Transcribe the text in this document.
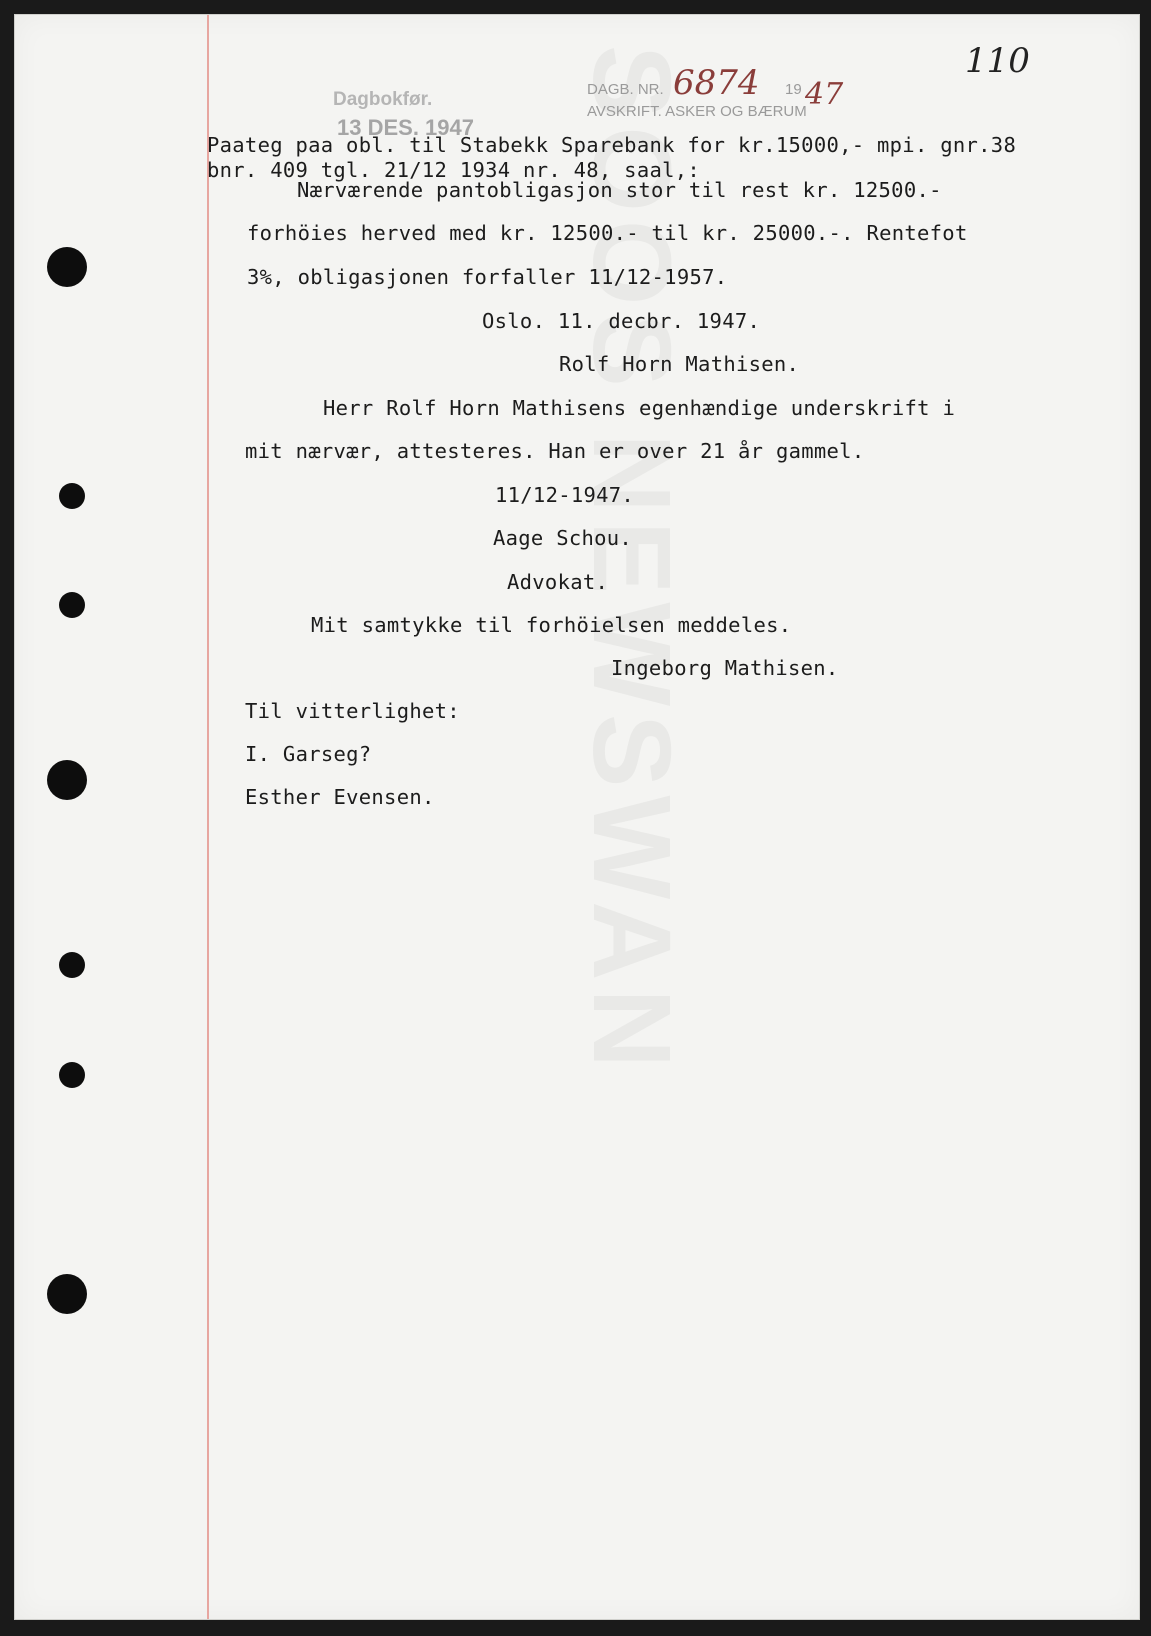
Dagbokfør.
13 DES. 1947
DAGB. NR.	19
AVSKRIFT. ASKER OG BÆRUM
6874 47
110
Paateg paa obl. til Stabekk Sparebank for kr.15000,- mpi. gnr.38
bnr. 409 tgl. 21/12 1934 nr. 48, saal,:
Nærværende pantobligasjon stor til rest kr. 12500.-
forhöies herved med kr. 12500.- til kr. 25000.-. Rentefot
3%, obligasjonen forfaller 11/12-1957.
Oslo. 11. decbr. 1947.
Rolf Horn Mathisen.
Herr Rolf Horn Mathisens egenhændige underskrift i
mit nærvær, attesteres. Han er over 21 år gammel.
11/12-1947.
Aage Schou.
Advokat.
Mit samtykke til forhöielsen meddeles.
Ingeborg Mathisen.
Til vitterlighet:
I. Garseg?
Esther Evensen.
